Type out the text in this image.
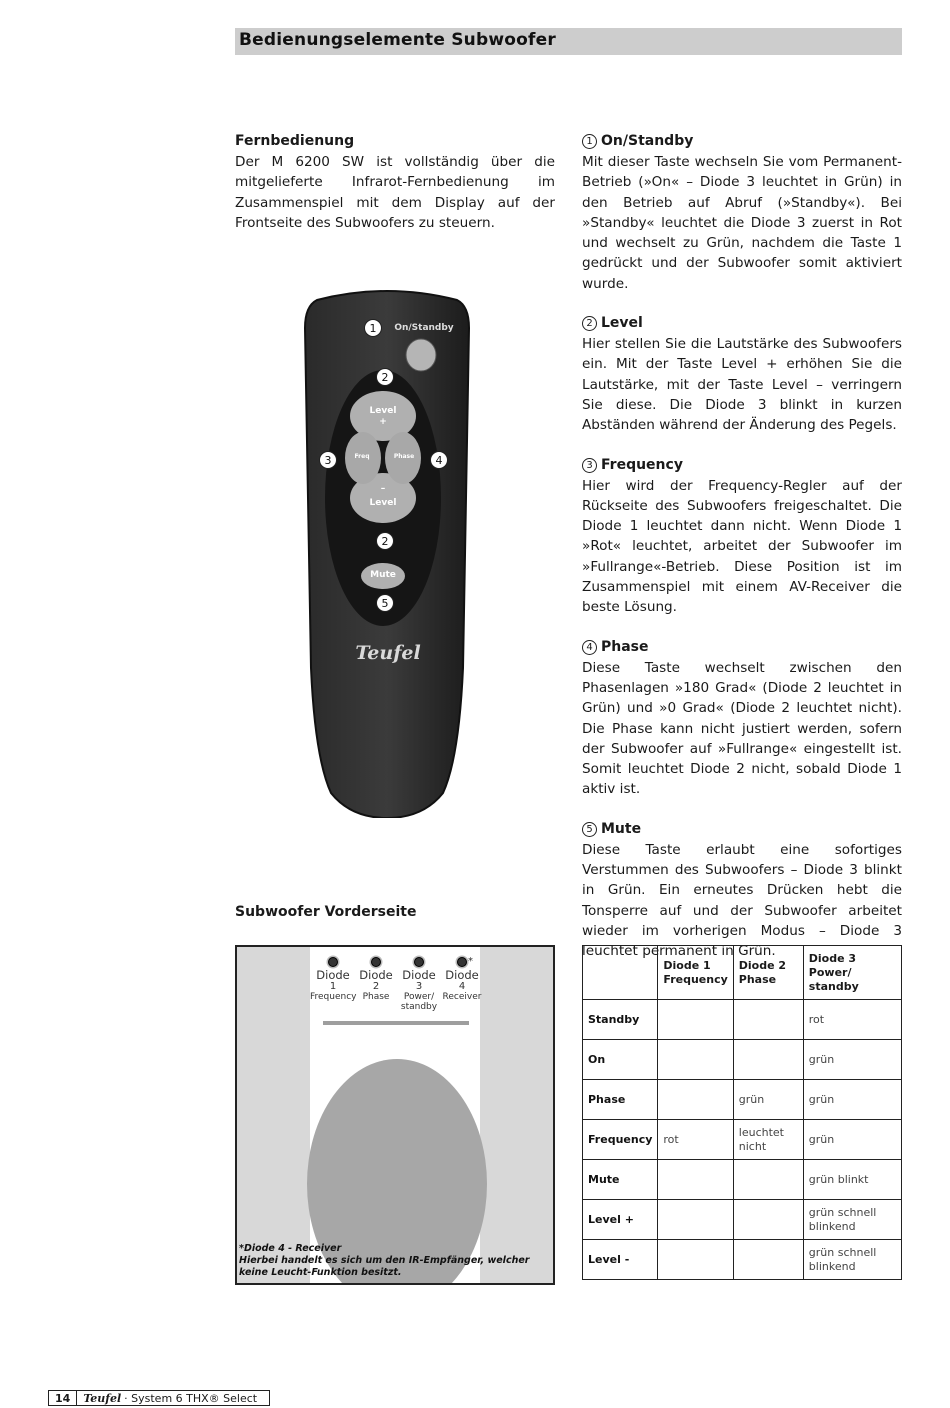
Bedienungselemente Subwoofer
Fernbedienung

Der M 6200 SW ist vollständig über die mitgelieferte Infrarot-Fernbedienung im Zusammenspiel mit dem Display auf der Frontseite des Subwoofers zu steuern.

On/Standby
Level
+
Freq	Phase
–
Level
Mute
Teufel
1
2
3	4
2
5
1 On/Standby

Mit dieser Taste wechseln Sie vom Permanent-Betrieb (»On« – Diode 3 leuchtet in Grün) in den Betrieb auf Abruf (»Standby«). Bei »Standby« leuchtet die Diode 3 zuerst in Rot und wechselt zu Grün, nachdem die Taste 1 gedrückt und der Subwoofer somit aktiviert wurde.

2 Level

Hier stellen Sie die Lautstärke des Subwoofers ein. Mit der Taste Level + erhöhen Sie die Lautstärke, mit der Taste Level – verringern Sie diese. Die Diode 3 blinkt in kurzen Abständen während der Änderung des Pegels.

3 Frequency

Hier wird der Frequency-Regler auf der Rückseite des Subwoofers freigeschaltet. Die Diode 1 leuchtet dann nicht. Wenn Diode 1 »Rot« leuchtet, arbeitet der Subwoofer im »Fullrange«-Betrieb. Diese Position ist im Zusammenspiel mit einem AV-Receiver die beste Lösung.

4 Phase

Diese Taste wechselt zwischen den Phasenlagen »180 Grad« (Diode 2 leuchtet in Grün) und »0 Grad« (Diode 2 leuchtet nicht). Die Phase kann nicht justiert werden, sofern der Subwoofer auf »Fullrange« eingestellt ist. Somit leuchtet Diode 2 nicht, sobald Diode 1 aktiv ist.

5 Mute

Diese Taste erlaubt eine sofortiges Verstummen des Subwoofers – Diode 3 blinkt in Grün. Ein erneutes Drücken hebt die Tonsperre auf und der Subwoofer arbeitet wieder im vorherigen Modus – Diode 3 leuchtet permanent in Grün.

Subwoofer Vorderseite
Diode
1
Frequency
Diode
2
Phase
Diode
3
Power/
standby
Diode
4
Receiver
*
*Diode 4 - Receiver
Hierbei handelt es sich um den IR-Empfänger, welcher keine Leucht-Funktion besitzt.
	Diode 1 Frequency	Diode 2 Phase	Diode 3 Power/ standby
Standby			rot
On			grün
Phase		grün	grün
Frequency	rot	leuchtet nicht	grün
Mute			grün blinkt
Level +			grün schnell blinkend
Level -			grün schnell blinkend
14	Teufel · System 6 THX® Select
